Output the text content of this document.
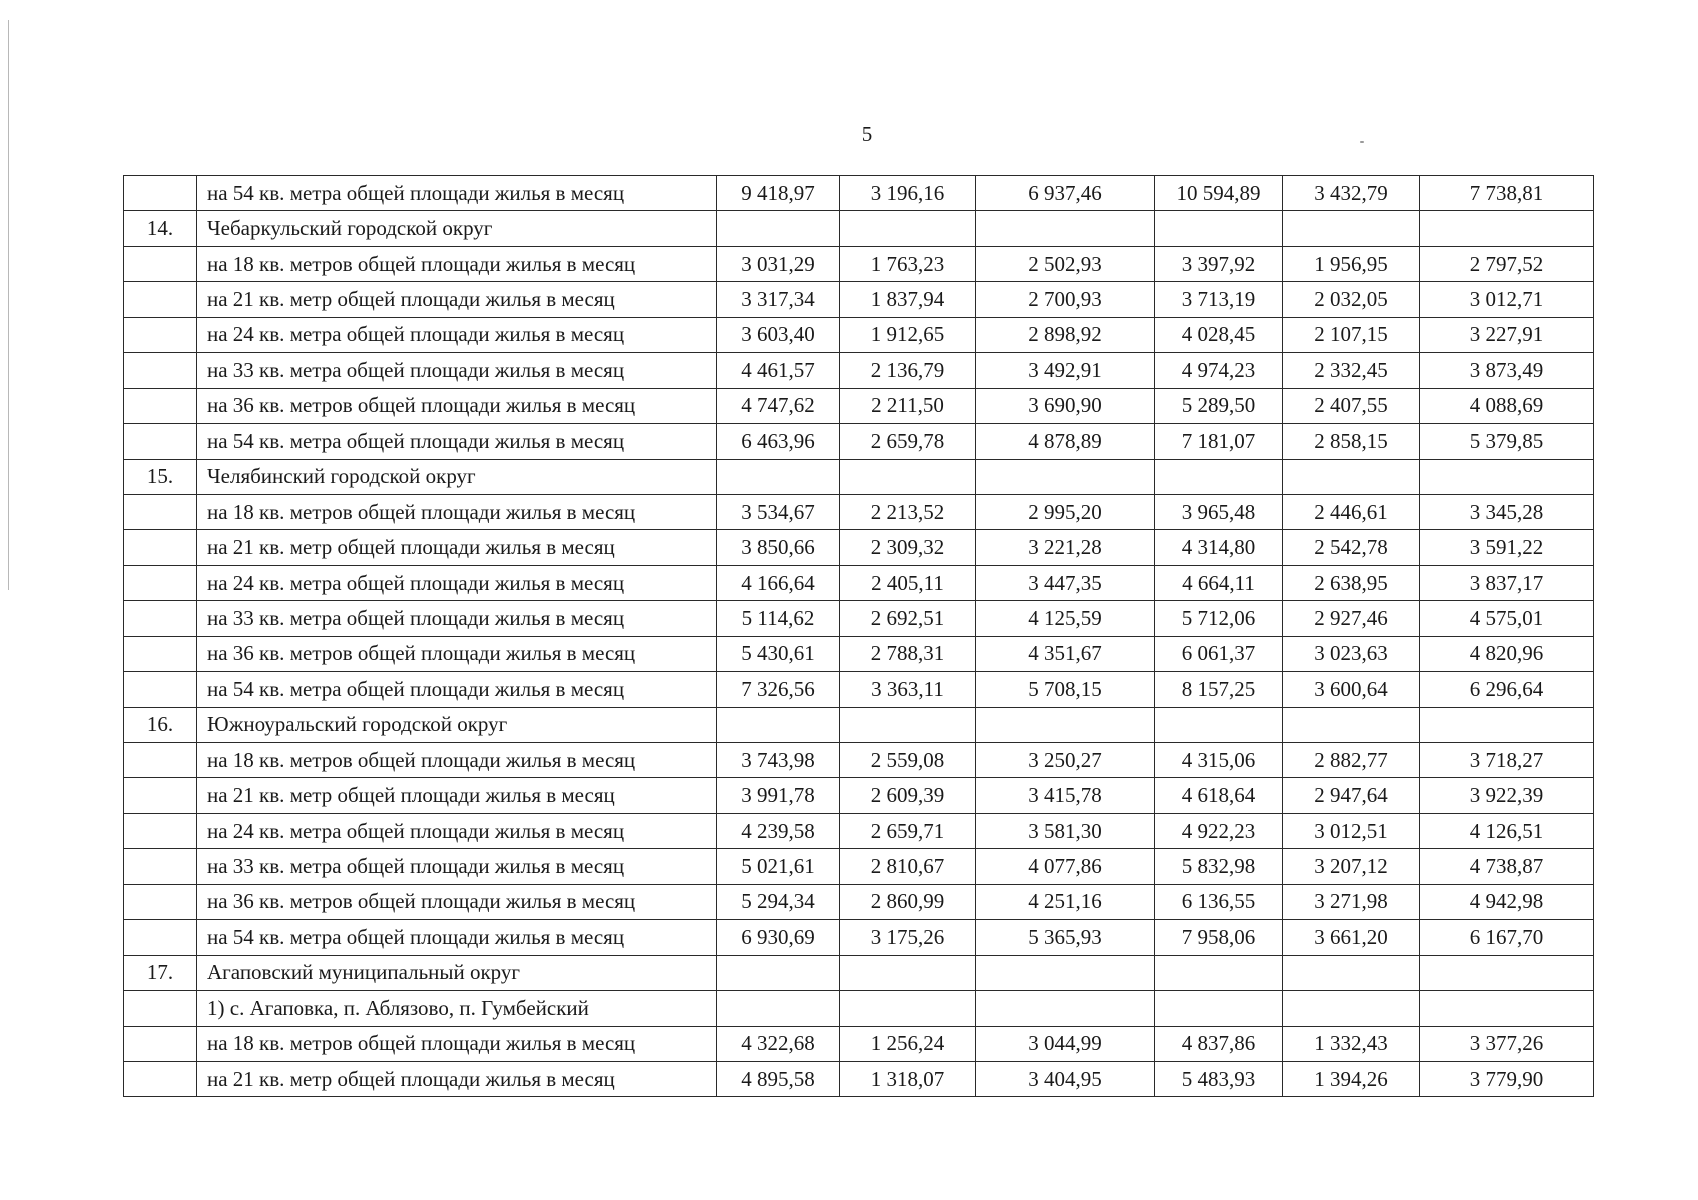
5
	на 54 кв. метра общей площади жилья в месяц	9 418,97	3 196,16	6 937,46	10 594,89	3 432,79	7 738,81
14.	Чебаркульский городской округ						
	на 18 кв. метров общей площади жилья в месяц	3 031,29	1 763,23	2 502,93	3 397,92	1 956,95	2 797,52
	на 21 кв. метр общей площади жилья в месяц	3 317,34	1 837,94	2 700,93	3 713,19	2 032,05	3 012,71
	на 24 кв. метра общей площади жилья в месяц	3 603,40	1 912,65	2 898,92	4 028,45	2 107,15	3 227,91
	на 33 кв. метра общей площади жилья в месяц	4 461,57	2 136,79	3 492,91	4 974,23	2 332,45	3 873,49
	на 36 кв. метров общей площади жилья в месяц	4 747,62	2 211,50	3 690,90	5 289,50	2 407,55	4 088,69
	на 54 кв. метра общей площади жилья в месяц	6 463,96	2 659,78	4 878,89	7 181,07	2 858,15	5 379,85
15.	Челябинский городской округ						
	на 18 кв. метров общей площади жилья в месяц	3 534,67	2 213,52	2 995,20	3 965,48	2 446,61	3 345,28
	на 21 кв. метр общей площади жилья в месяц	3 850,66	2 309,32	3 221,28	4 314,80	2 542,78	3 591,22
	на 24 кв. метра общей площади жилья в месяц	4 166,64	2 405,11	3 447,35	4 664,11	2 638,95	3 837,17
	на 33 кв. метра общей площади жилья в месяц	5 114,62	2 692,51	4 125,59	5 712,06	2 927,46	4 575,01
	на 36 кв. метров общей площади жилья в месяц	5 430,61	2 788,31	4 351,67	6 061,37	3 023,63	4 820,96
	на 54 кв. метра общей площади жилья в месяц	7 326,56	3 363,11	5 708,15	8 157,25	3 600,64	6 296,64
16.	Южноуральский городской округ						
	на 18 кв. метров общей площади жилья в месяц	3 743,98	2 559,08	3 250,27	4 315,06	2 882,77	3 718,27
	на 21 кв. метр общей площади жилья в месяц	3 991,78	2 609,39	3 415,78	4 618,64	2 947,64	3 922,39
	на 24 кв. метра общей площади жилья в месяц	4 239,58	2 659,71	3 581,30	4 922,23	3 012,51	4 126,51
	на 33 кв. метра общей площади жилья в месяц	5 021,61	2 810,67	4 077,86	5 832,98	3 207,12	4 738,87
	на 36 кв. метров общей площади жилья в месяц	5 294,34	2 860,99	4 251,16	6 136,55	3 271,98	4 942,98
	на 54 кв. метра общей площади жилья в месяц	6 930,69	3 175,26	5 365,93	7 958,06	3 661,20	6 167,70
17.	Агаповский муниципальный округ						
	1) с. Агаповка, п. Аблязово, п. Гумбейский						
	на 18 кв. метров общей площади жилья в месяц	4 322,68	1 256,24	3 044,99	4 837,86	1 332,43	3 377,26
	на 21 кв. метр общей площади жилья в месяц	4 895,58	1 318,07	3 404,95	5 483,93	1 394,26	3 779,90
